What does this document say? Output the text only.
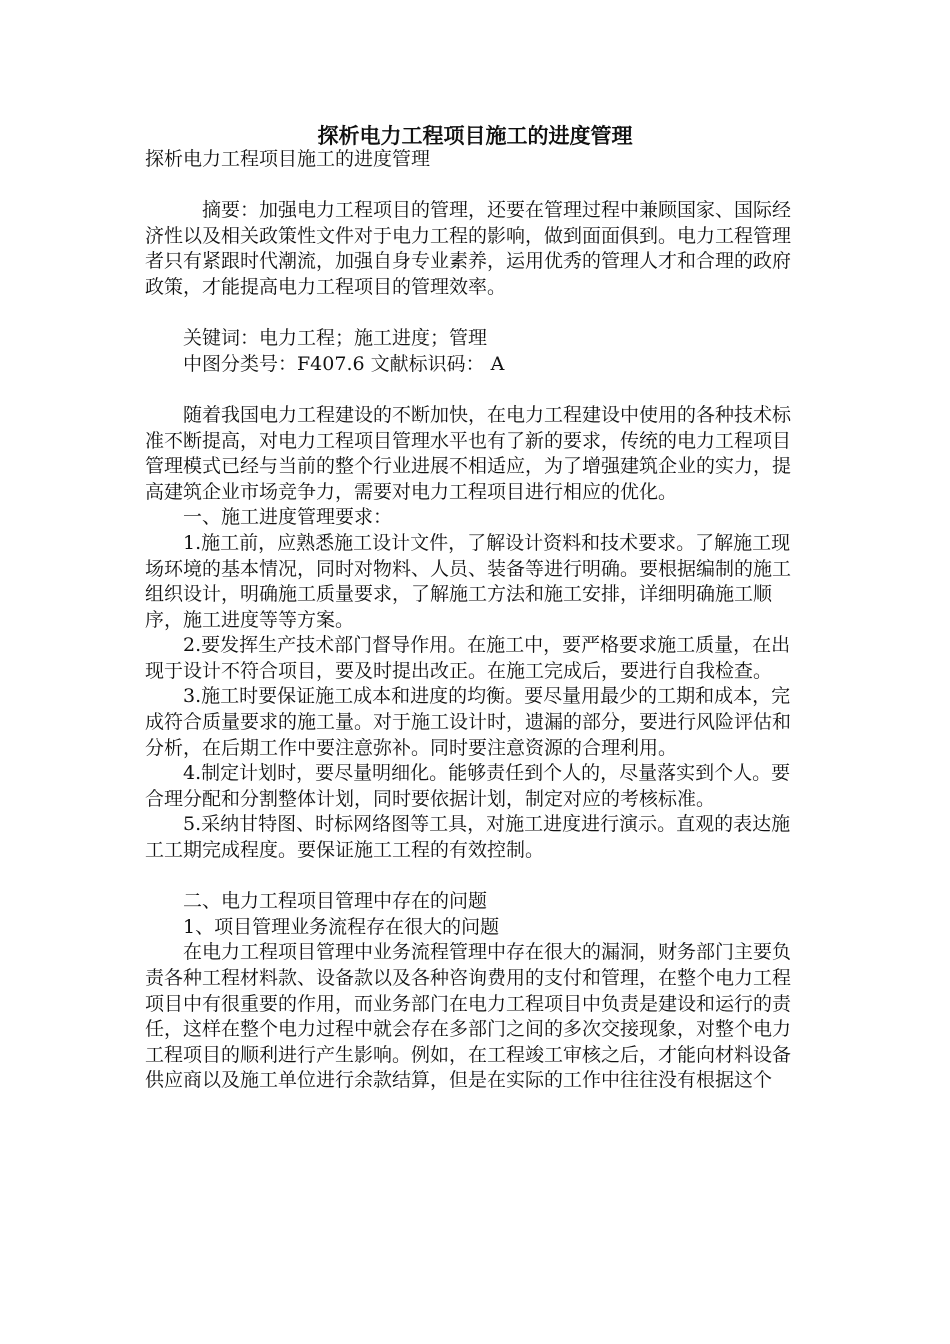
探析电力工程项目施工的进度管理

探析电力工程项目施工的进度管理

摘要：加强电力工程项目的管理，还要在管理过程中兼顾国家、国际经济性以及相关政策性文件对于电力工程的影响，做到面面俱到。电力工程管理者只有紧跟时代潮流，加强自身专业素养，运用优秀的管理人才和合理的政府政策，才能提高电力工程项目的管理效率。

关键词：电力工程；施工进度；管理

中图分类号：F407.6 文献标识码： A

随着我国电力工程建设的不断加快，在电力工程建设中使用的各种技术标准不断提高，对电力工程项目管理水平也有了新的要求，传统的电力工程项目管理模式已经与当前的整个行业进展不相适应，为了增强建筑企业的实力，提高建筑企业市场竞争力，需要对电力工程项目进行相应的优化。

一、施工进度管理要求：

1.施工前，应熟悉施工设计文件，了解设计资料和技术要求。了解施工现场环境的基本情况，同时对物料、人员、装备等进行明确。要根据编制的施工组织设计，明确施工质量要求，了解施工方法和施工安排，详细明确施工顺序，施工进度等等方案。

2.要发挥生产技术部门督导作用。在施工中，要严格要求施工质量，在出现于设计不符合项目，要及时提出改正。在施工完成后，要进行自我检查。

3.施工时要保证施工成本和进度的均衡。要尽量用最少的工期和成本，完成符合质量要求的施工量。对于施工设计时，遗漏的部分，要进行风险评估和分析，在后期工作中要注意弥补。同时要注意资源的合理利用。

4.制定计划时，要尽量明细化。能够责任到个人的，尽量落实到个人。要合理分配和分割整体计划，同时要依据计划，制定对应的考核标准。

5.采纳甘特图、时标网络图等工具，对施工进度进行演示。直观的表达施工工期完成程度。要保证施工工程的有效控制。

二、电力工程项目管理中存在的问题

1、项目管理业务流程存在很大的问题

在电力工程项目管理中业务流程管理中存在很大的漏洞，财务部门主要负责各种工程材料款、设备款以及各种咨询费用的支付和管理，在整个电力工程项目中有很重要的作用，而业务部门在电力工程项目中负责是建设和运行的责任，这样在整个电力过程中就会存在多部门之间的多次交接现象，对整个电力工程项目的顺利进行产生影响。例如，在工程竣工审核之后，才能向材料设备供应商以及施工单位进行余款结算，但是在实际的工作中往往没有根据这个
